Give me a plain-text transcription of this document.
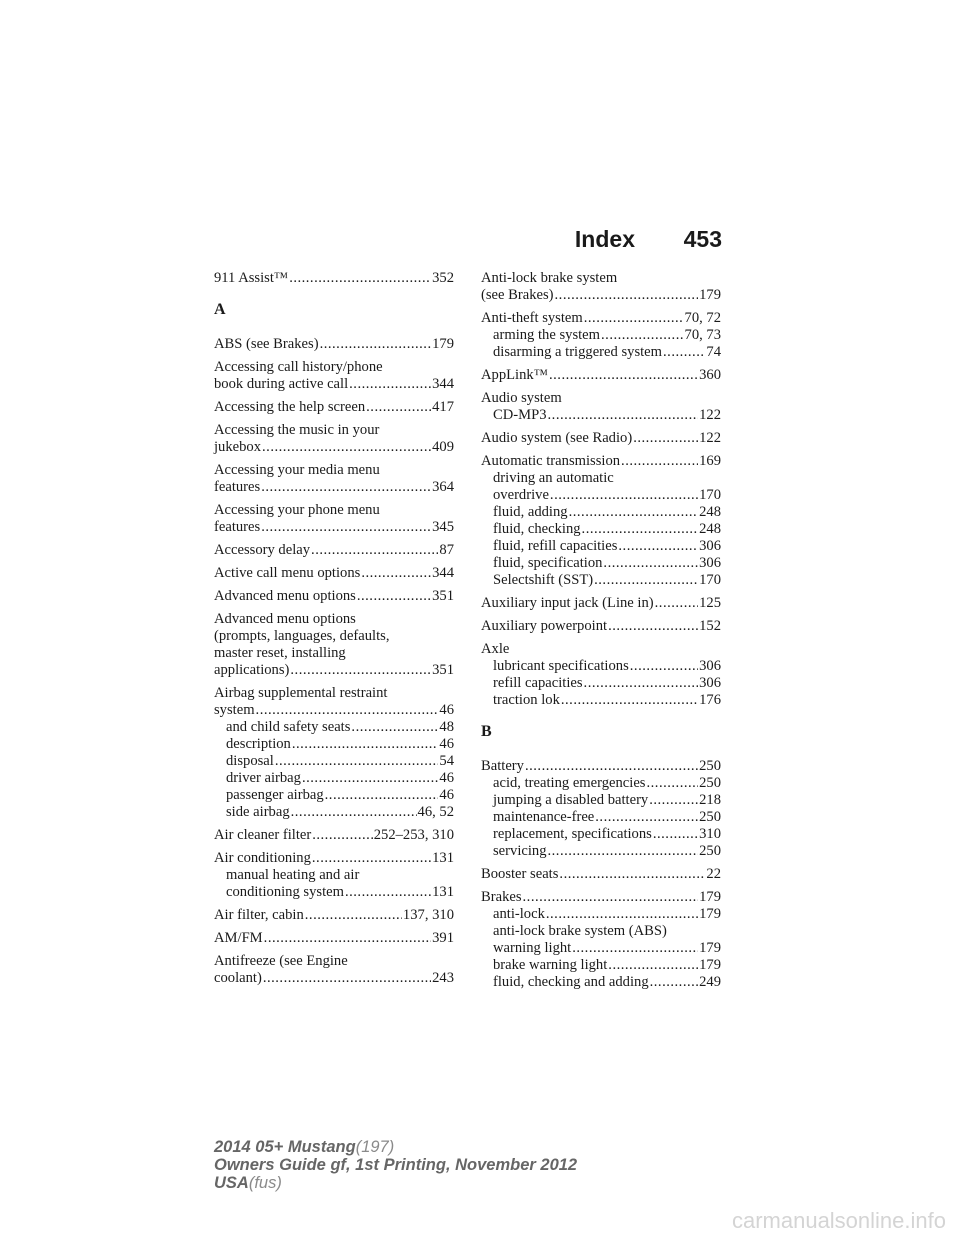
Index 453
911 Assist™ .....	352
A
ABS (see Brakes) .....	179
Accessing call history/phone
book during active call .....	344
Accessing the help screen .....	417
Accessing the music in your
jukebox .....	409
Accessing your media menu
features .....	364
Accessing your phone menu
features .....	345
Accessory delay .....	87
Active call menu options .....	344
Advanced menu options .....	351
Advanced menu options
(prompts, languages, defaults,
master reset, installing
applications) .....	351
Airbag supplemental restraint
system .....	46
and child safety seats .....	48
description .....	46
disposal .....	54
driver airbag .....	46
passenger airbag .....	46
side airbag .....	46, 52
Air cleaner filter .....	252–253, 310
Air conditioning .....	131
manual heating and air
conditioning system .....	131
Air filter, cabin .....	137, 310
AM/FM .....	391
Antifreeze (see Engine
coolant) .....	243
Anti-lock brake system
(see Brakes) .....	179
Anti-theft system .....	70, 72
arming the system .....	70, 73
disarming a triggered system .....	74
AppLink™ .....	360
Audio system
CD-MP3 .....	122
Audio system (see Radio) .....	122
Automatic transmission .....	169
driving an automatic
overdrive .....	170
fluid, adding .....	248
fluid, checking .....	248
fluid, refill capacities .....	306
fluid, specification .....	306
Selectshift (SST) .....	170
Auxiliary input jack (Line in) .....	125
Auxiliary powerpoint .....	152
Axle
lubricant specifications .....	306
refill capacities .....	306
traction lok .....	176
B
Battery .....	250
acid, treating emergencies .....	250
jumping a disabled battery .....	218
maintenance-free .....	250
replacement, specifications .....	310
servicing .....	250
Booster seats .....	22
Brakes .....	179
anti-lock .....	179
anti-lock brake system (ABS)
warning light .....	179
brake warning light .....	179
fluid, checking and adding .....	249
2014 05+ Mustang(197)
Owners Guide gf, 1st Printing, November 2012
USA(fus)
carmanualsonline.info
